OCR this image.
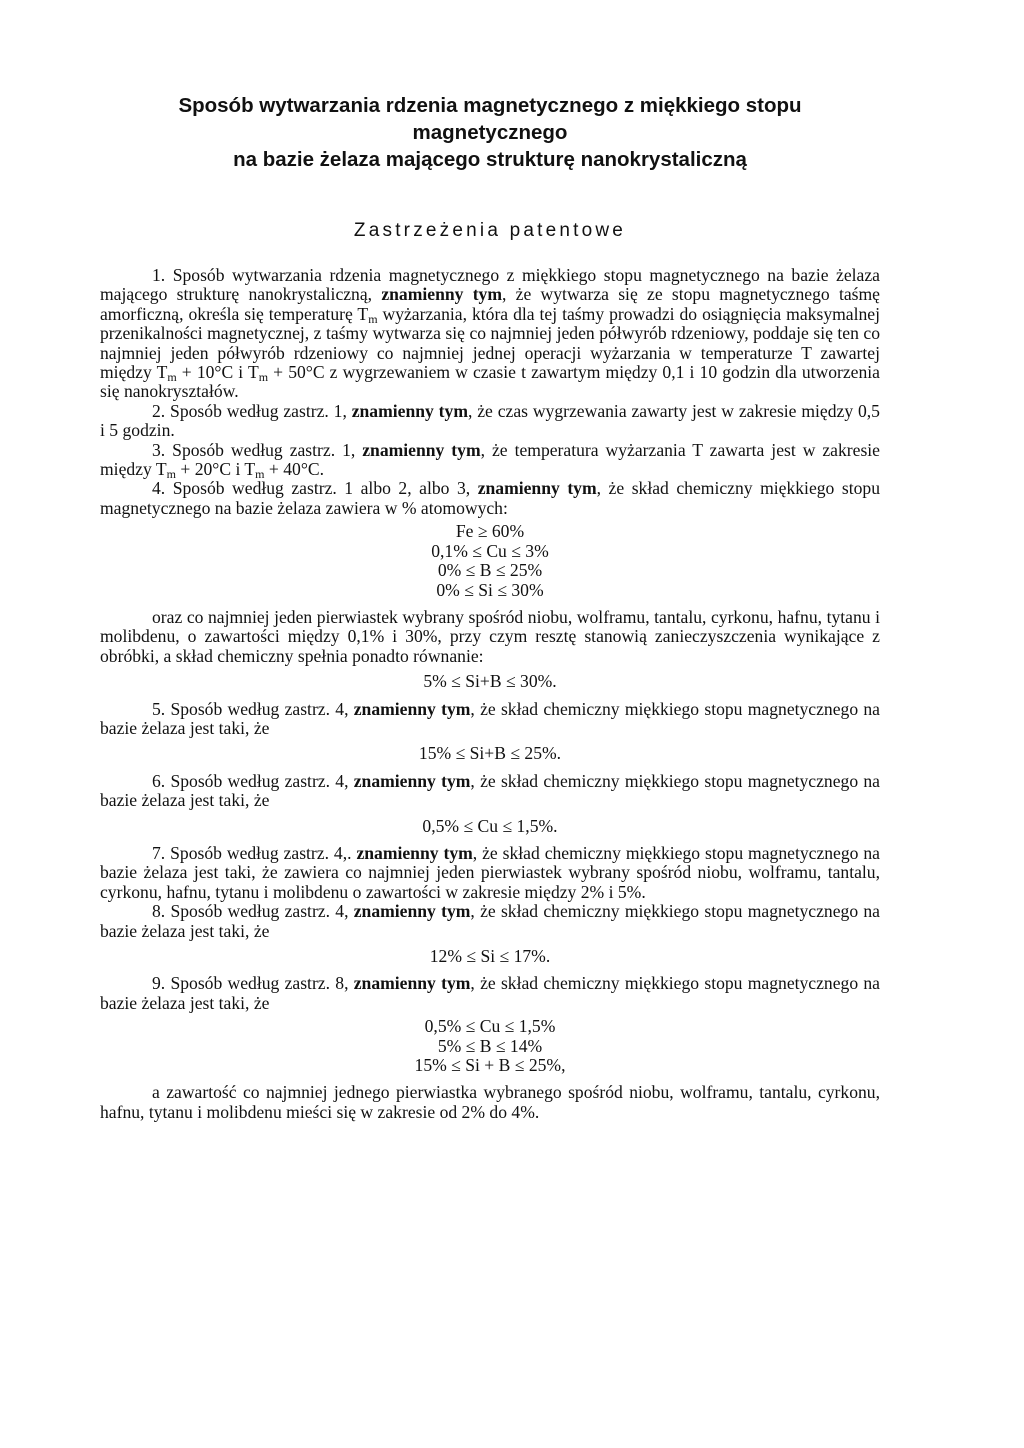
Sposób wytwarzania rdzenia magnetycznego z miękkiego stopu magnetycznego
na bazie żelaza mającego strukturę nanokrystaliczną
Zastrzeżenia patentowe

1. Sposób wytwarzania rdzenia magnetycznego z miękkiego stopu magnetycznego na bazie żelaza mającego strukturę nanokrystaliczną, znamienny tym, że wytwarza się ze stopu magnetycznego taśmę amorficzną, określa się temperaturę $T_m$ wyżarzania, która dla tej taśmy prowadzi do osiągnięcia maksymalnej przenikalności magnetycznej, z taśmy wytwarza się co najmniej jeden półwyrób rdzeniowy, poddaje się ten co najmniej jeden półwyrób rdzeniowy co najmniej jednej operacji wyżarzania w temperaturze T zawartej między $T_m + 10^\circ C$ i $T_m + 50^\circ C$ z wygrzewaniem w czasie t zawartym między 0,1 i 10 godzin dla utworzenia się nanokryształów.

2. Sposób według zastrz. 1, znamienny tym, że czas wygrzewania zawarty jest w zakresie między 0,5 i 5 godzin.

3. Sposób według zastrz. 1, znamienny tym, że temperatura wyżarzania T zawarta jest w zakresie między $T_m + 20^\circ C$ i $T_m + 40^\circ C$.

4. Sposób według zastrz. 1 albo 2, albo 3, znamienny tym, że skład chemiczny miękkiego stopu magnetycznego na bazie żelaza zawiera w % atomowych:

Fe ≥ 60%
0,1% ≤ Cu ≤ 3%
0% ≤ B ≤ 25%
0% ≤ Si ≤ 30%

oraz co najmniej jeden pierwiastek wybrany spośród niobu, wolframu, tantalu, cyrkonu, hafnu, tytanu i molibdenu, o zawartości między 0,1% i 30%, przy czym resztę stanowią zanieczyszczenia wynikające z obróbki, a skład chemiczny spełnia ponadto równanie:

5% ≤ Si+B ≤ 30%.

5. Sposób według zastrz. 4, znamienny tym, że skład chemiczny miękkiego stopu magnetycznego na bazie żelaza jest taki, że

15% ≤ Si+B ≤ 25%.

6. Sposób według zastrz. 4, znamienny tym, że skład chemiczny miękkiego stopu magnetycznego na bazie żelaza jest taki, że

0,5% ≤ Cu ≤ 1,5%.

7. Sposób według zastrz. 4,. znamienny tym, że skład chemiczny miękkiego stopu magnetycznego na bazie żelaza jest taki, że zawiera co najmniej jeden pierwiastek wybrany spośród niobu, wolframu, tantalu, cyrkonu, hafnu, tytanu i molibdenu o zawartości w zakresie między 2% i 5%.

8. Sposób według zastrz. 4, znamienny tym, że skład chemiczny miękkiego stopu magnetycznego na bazie żelaza jest taki, że

12% ≤ Si ≤ 17%.

9. Sposób według zastrz. 8, znamienny tym, że skład chemiczny miękkiego stopu magnetycznego na bazie żelaza jest taki, że

0,5% ≤ Cu ≤ 1,5%
5% ≤ B ≤ 14%
15% ≤ Si + B ≤ 25%,

a zawartość co najmniej jednego pierwiastka wybranego spośród niobu, wolframu, tantalu, cyrkonu, hafnu, tytanu i molibdenu mieści się w zakresie od 2% do 4%.
